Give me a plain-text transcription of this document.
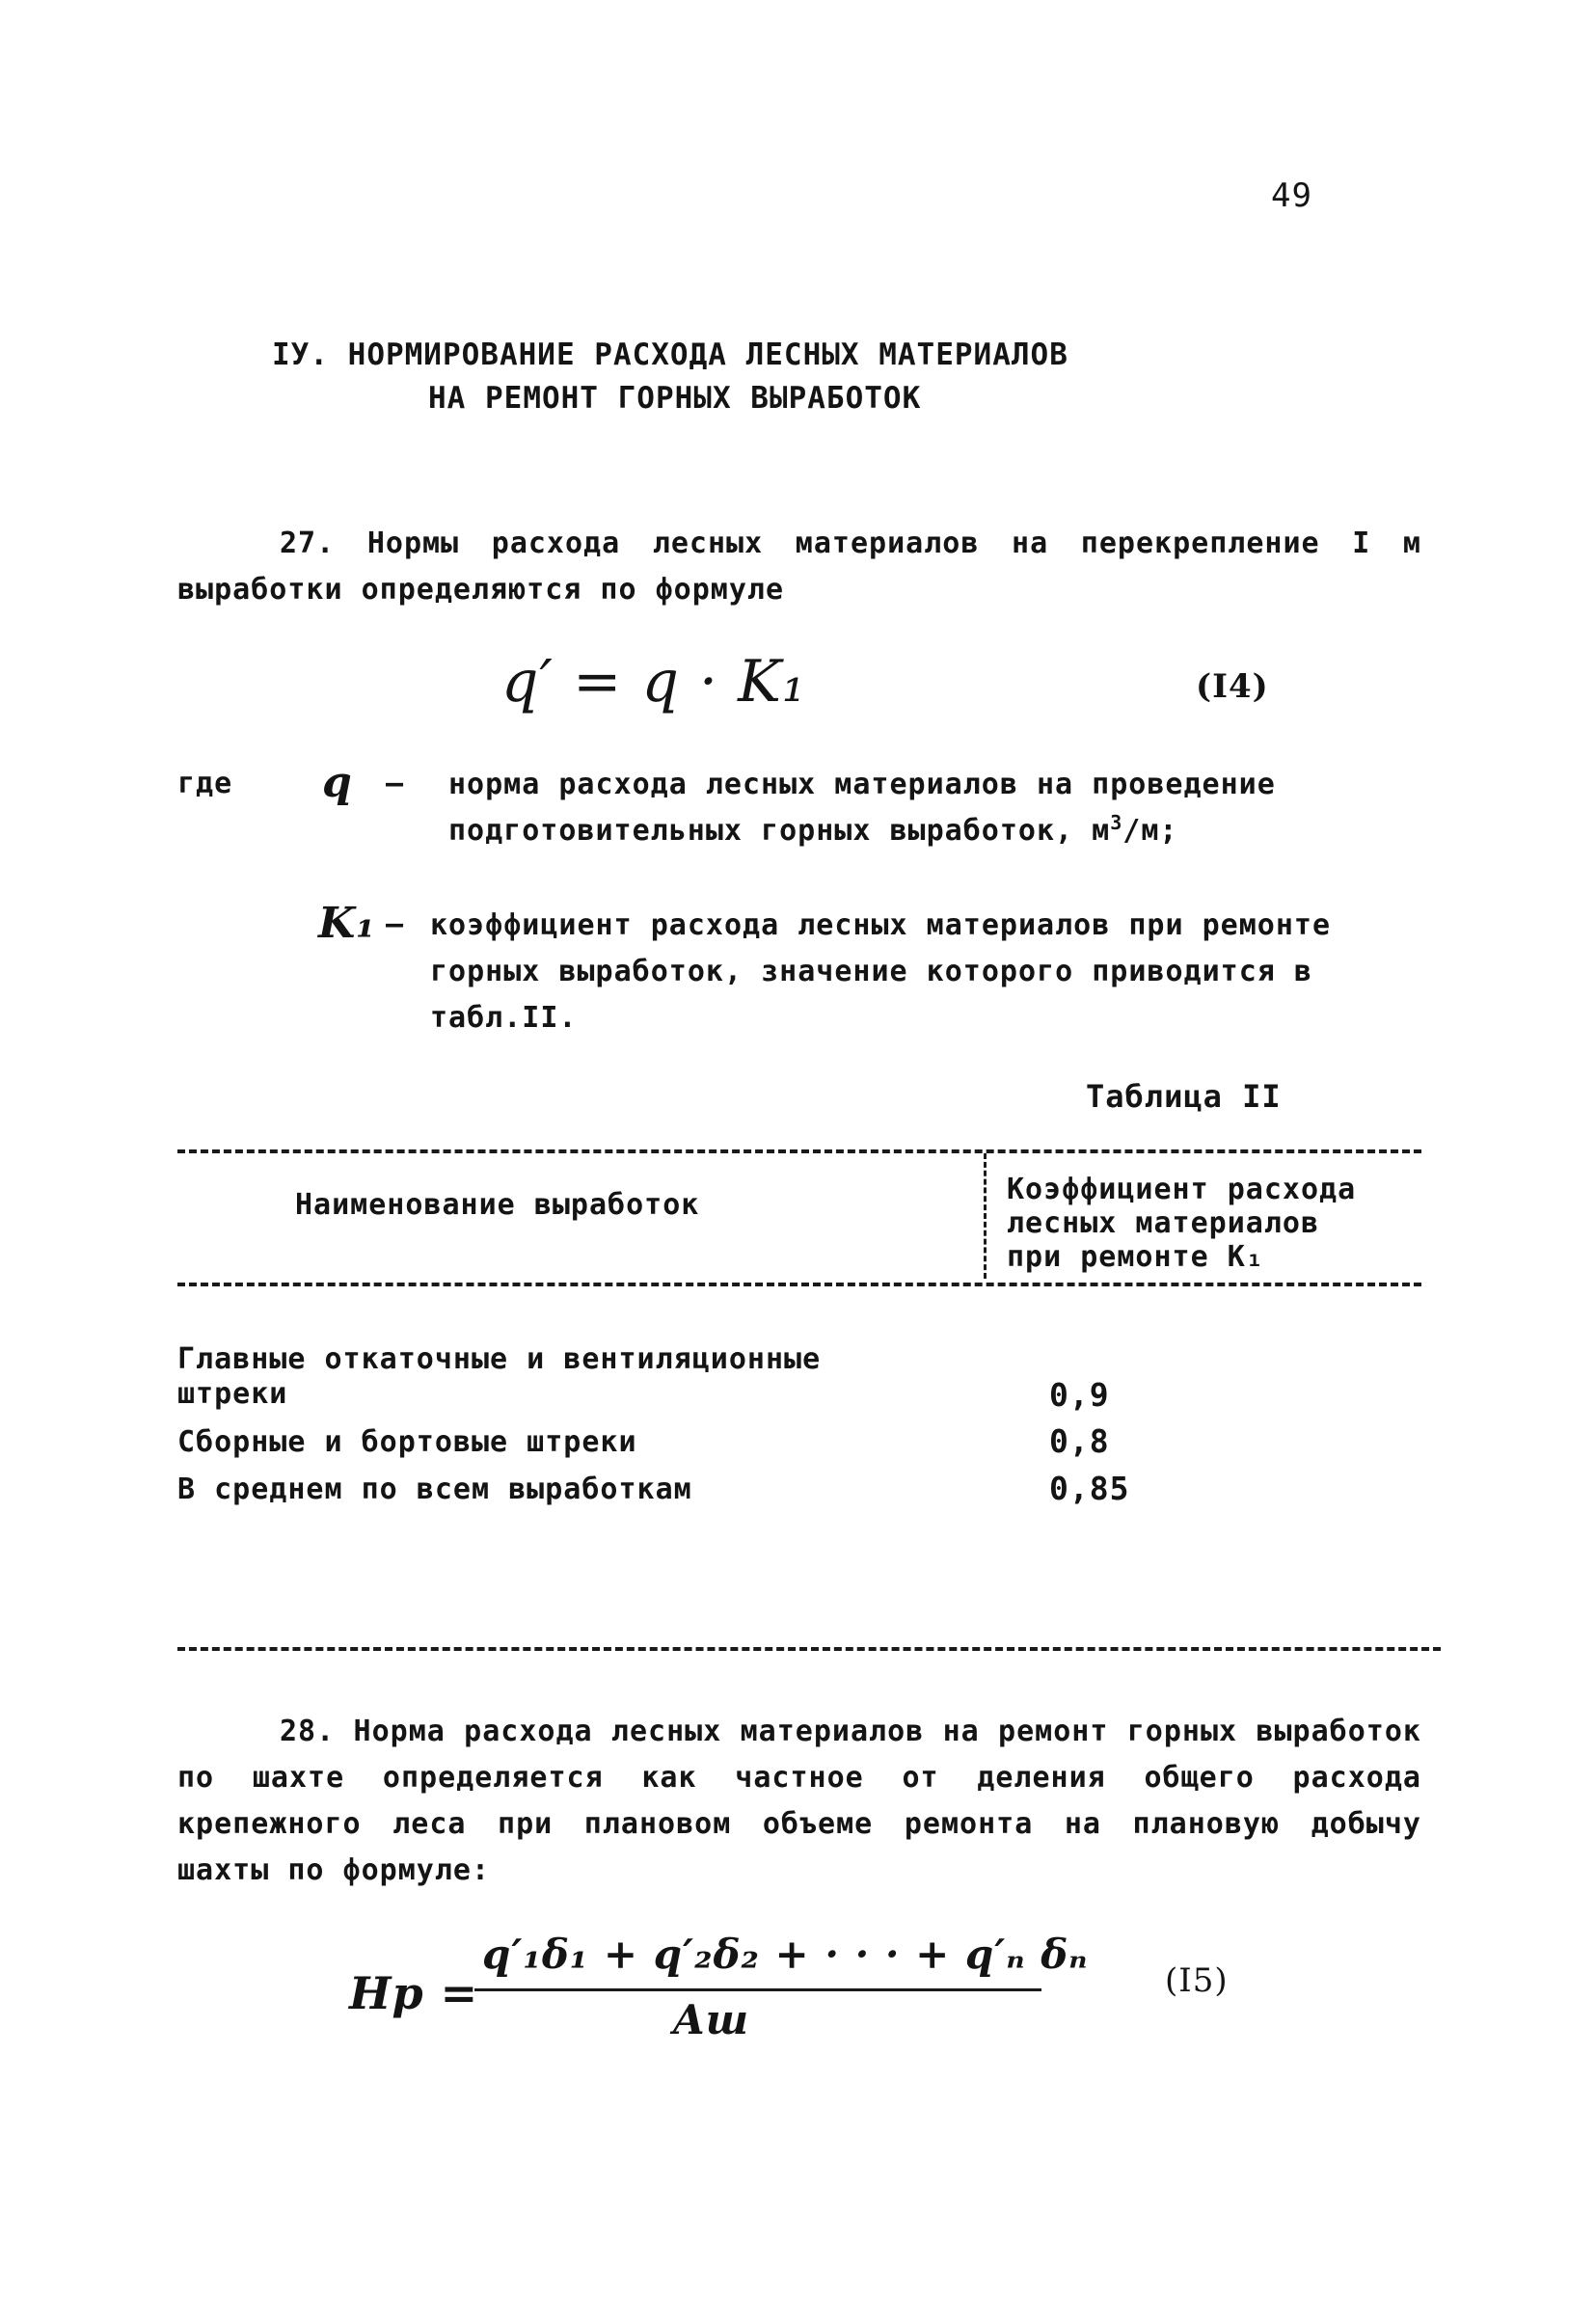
49
IУ. НОРМИРОВАНИЕ РАСХОДА ЛЕСНЫХ МАТЕРИАЛОВ
НА РЕМОНТ ГОРНЫХ ВЫРАБОТОК
27. Нормы расхода лесных материалов на перекрепление I м выработки определяются по формуле
q′ = q · K₁	(I4)
где q – норма расхода лесных материалов на проведение подготовительных горных выработок, $м^3/м$;
K₁ – коэффициент расхода лесных материалов при ремонте горных выработок, значение которого приводится в табл.II.
Таблица II
Наименование выработок	Коэффициент расхода
лесных материалов
при ремонте K₁
Главные откаточные и вентиляционные штреки	0,9
Сборные и бортовые штреки	0,8
В среднем по всем выработкам	0,85
28. Норма расхода лесных материалов на ремонт горных выработок по шахте определяется как частное от деления общего расхода крепежного леса при плановом объеме ремонта на плановую добычу шахты по формуле:
Hр =
q′₁δ₁ + q′₂δ₂ + · · · + q′ₙ δₙ
Aш
(I5)
